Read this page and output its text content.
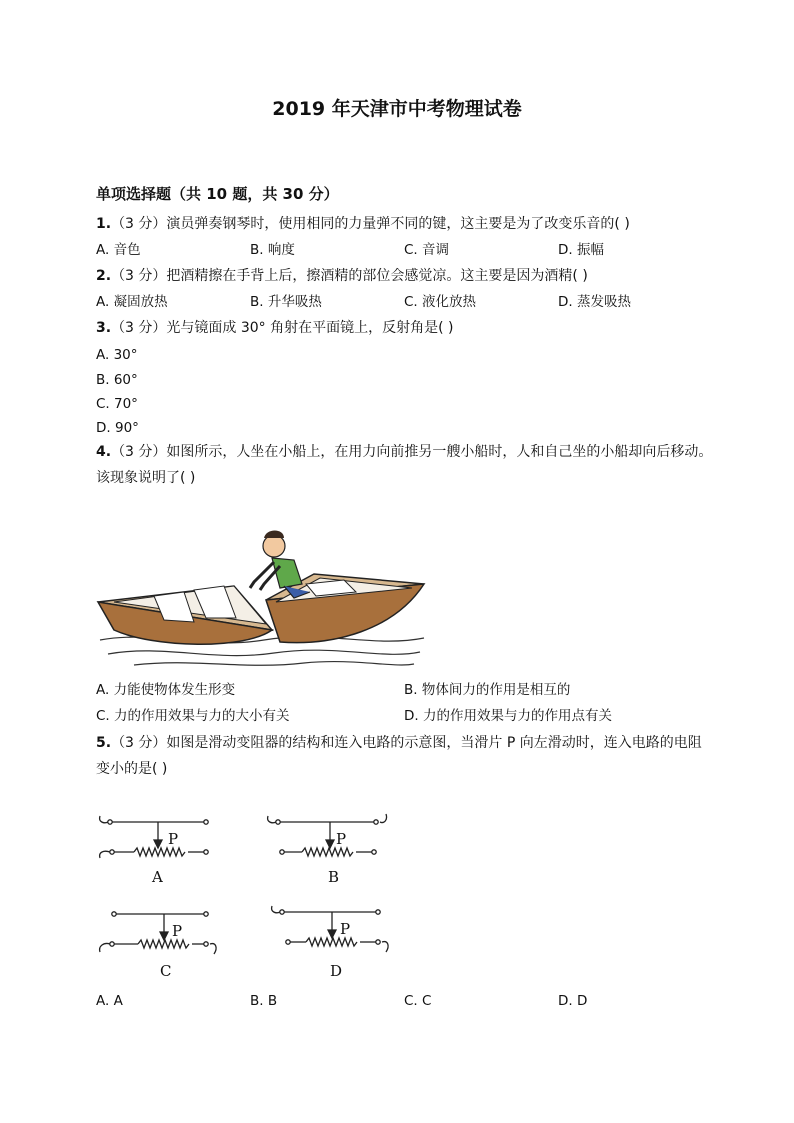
2019 年天津市中考物理试卷
单项选择题（共 10 题，共 30 分）
1.（3 分）演员弹奏钢琴时，使用相同的力量弹不同的键，这主要是为了改变乐音的( )
A. 音色	B. 响度	C. 音调	D. 振幅
2.（3 分）把酒精擦在手背上后，擦酒精的部位会感觉凉。这主要是因为酒精( )
A. 凝固放热	B. 升华吸热	C. 液化放热	D. 蒸发吸热
3.（3 分）光与镜面成 30° 角射在平面镜上，反射角是( )
A. 30°
B. 60°
C. 70°
D. 90°
4.（3 分）如图所示，人坐在小船上，在用力向前推另一艘小船时，人和自己坐的小船却向后移动。
该现象说明了( )
A. 力能使物体发生形变	B. 物体间力的作用是相互的
C. 力的作用效果与力的大小有关	D. 力的作用效果与力的作用点有关
5.（3 分）如图是滑动变阻器的结构和连入电路的示意图，当滑片 P 向左滑动时，连入电路的电阻
变小的是( )
P	P
P	P
A	B
C	D
A. A	B. B	C. C	D. D
